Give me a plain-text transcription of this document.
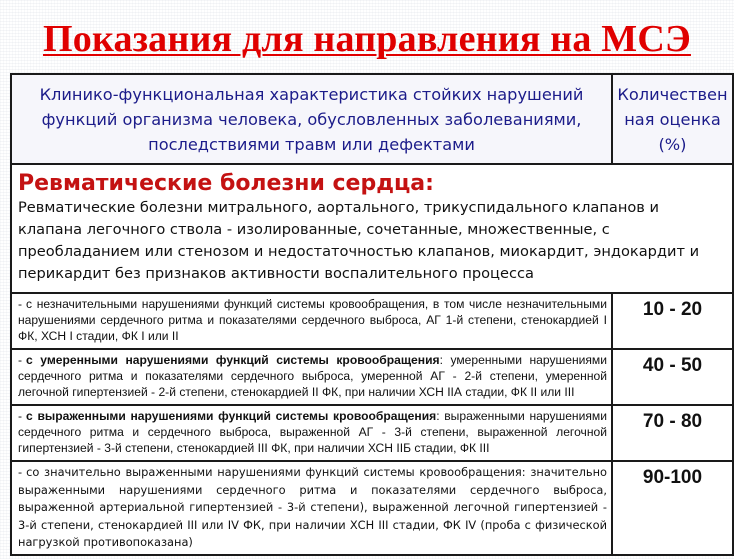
Показания для направления на МСЭ
Клинико-функциональная характеристика стойких нарушений функций организма человека, обусловленных заболеваниями, последствиями травм или дефектами	Количественная оценка (%)

Ревматические болезни сердца:
Ревматические болезни митрального, аортального, трикуспидального клапанов и клапана легочного ствола - изолированные, сочетанные, множественные, с преобладанием или стенозом и недостаточностью клапанов, миокардит, эндокардит и перикардит без признаков активности воспалительного процесса	

- с незначительными нарушениями функций системы кровообращения, в том числе незначительными нарушениями сердечного ритма и показателями сердечного выброса, АГ 1-й степени, стенокардией I ФК, ХСН I стадии, ФК I или II	10 - 20
- с умеренными нарушениями функций системы кровообращения: умеренными нарушениями сердечного ритма и показателями сердечного выброса, умеренной АГ - 2-й степени, умеренной легочной гипертензией - 2-й степени, стенокардией II ФК, при наличии ХСН IIА стадии, ФК II или III	40 - 50
- с выраженными нарушениями функций системы кровообращения: выраженными нарушениями сердечного ритма и сердечного выброса, выраженной АГ - 3-й степени, выраженной легочной гипертензией - 3-й степени, стенокардией III ФК, при наличии ХСН IIБ стадии, ФК III	70 - 80
- со значительно выраженными нарушениями функций системы кровообращения: значительно выраженными нарушениями сердечного ритма и показателями сердечного выброса, выраженной артериальной гипертензией - 3-й степени), выраженной легочной гипертензией - 3-й степени, стенокардией III или IV ФК, при наличии ХСН III стадии, ФК IV (проба с физической нагрузкой противопоказана)	90-100
